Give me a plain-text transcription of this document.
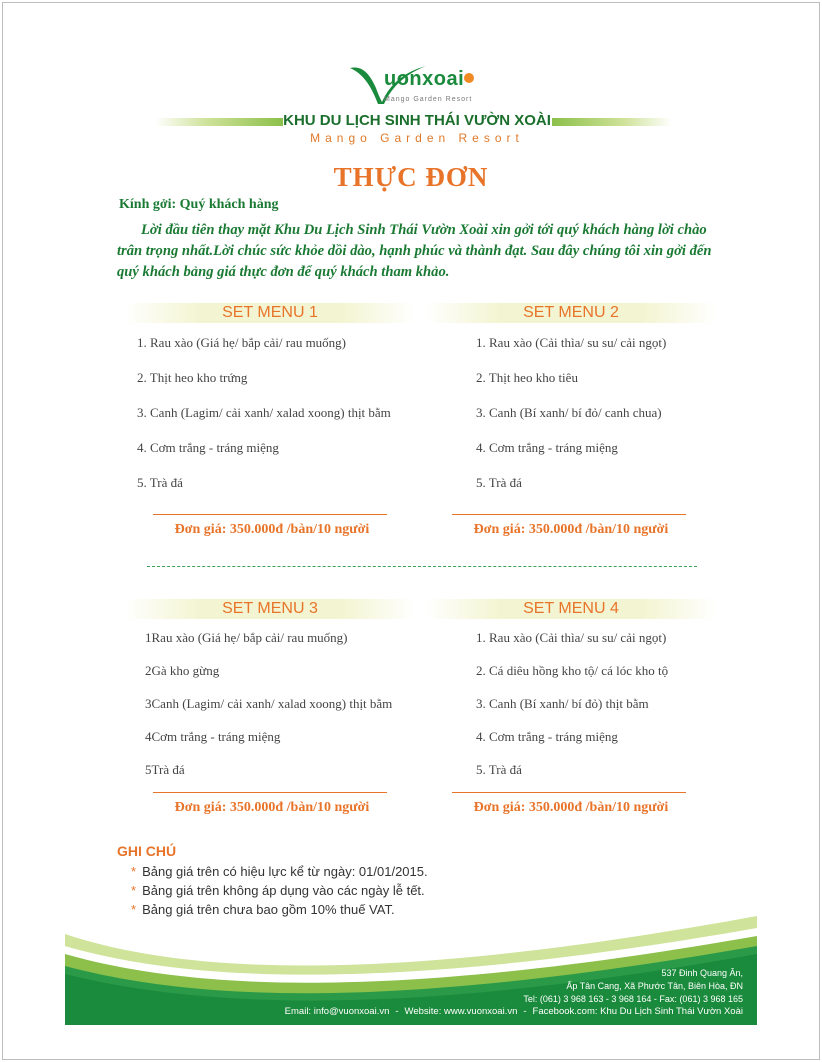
uonxoai
Mango Garden Resort
KHU DU LỊCH SINH THÁI VƯỜN XOÀI
Mango Garden Resort
THỰC ĐƠN
Kính gởi: Quý khách hàng

Lời đầu tiên thay mặt Khu Du Lịch Sinh Thái Vườn Xoài xin gởi tới quý khách hàng lời chào trân trọng nhất.Lời chúc sức khỏe dồi dào, hạnh phúc và thành đạt. Sau đây chúng tôi xin gởi đến quý khách bảng giá thực đơn để quý khách tham khảo.

SET MENU 1
1. Rau xào (Giá hẹ/ bắp cải/ rau muống)
2. Thịt heo kho trứng
3. Canh (Lagim/ cải xanh/ xalad xoong) thịt bằm
4. Cơm trắng - tráng miệng
5. Trà đá
Đơn giá: 350.000đ /bàn/10 người
SET MENU 2
1. Rau xào (Cải thìa/ su su/ cải ngọt)
2. Thịt heo kho tiêu
3. Canh (Bí xanh/ bí đỏ/ canh chua)
4. Cơm trắng - tráng miệng
5. Trà đá
Đơn giá: 350.000đ /bàn/10 người
SET MENU 3
1Rau xào (Giá hẹ/ bắp cải/ rau muống)
2Gà kho gừng
3Canh (Lagim/ cải xanh/ xalad xoong) thịt bằm
4Cơm trắng - tráng miệng
5Trà đá
Đơn giá: 350.000đ /bàn/10 người
SET MENU 4
1. Rau xào (Cải thìa/ su su/ cải ngọt)
2. Cá diêu hồng kho tộ/ cá lóc kho tộ
3. Canh (Bí xanh/ bí đỏ) thịt bằm
4. Cơm trắng - tráng miệng
5. Trà đá
Đơn giá: 350.000đ /bàn/10 người
GHI CHÚ
* Bảng giá trên có hiệu lực kể từ ngày: 01/01/2015.
* Bảng giá trên không áp dụng vào các ngày lễ tết.
* Bảng giá trên chưa bao gồm 10% thuế VAT.
537 Đinh Quang Ân,
Ấp Tân Cang, Xã Phước Tân, Biên Hòa, ĐN
Tel: (061) 3 968 163 - 3 968 164 - Fax: (061) 3 968 165
Email: info@vuonxoai.vn - Website: www.vuonxoai.vn - Facebook.com: Khu Du Lịch Sinh Thái Vườn Xoài
